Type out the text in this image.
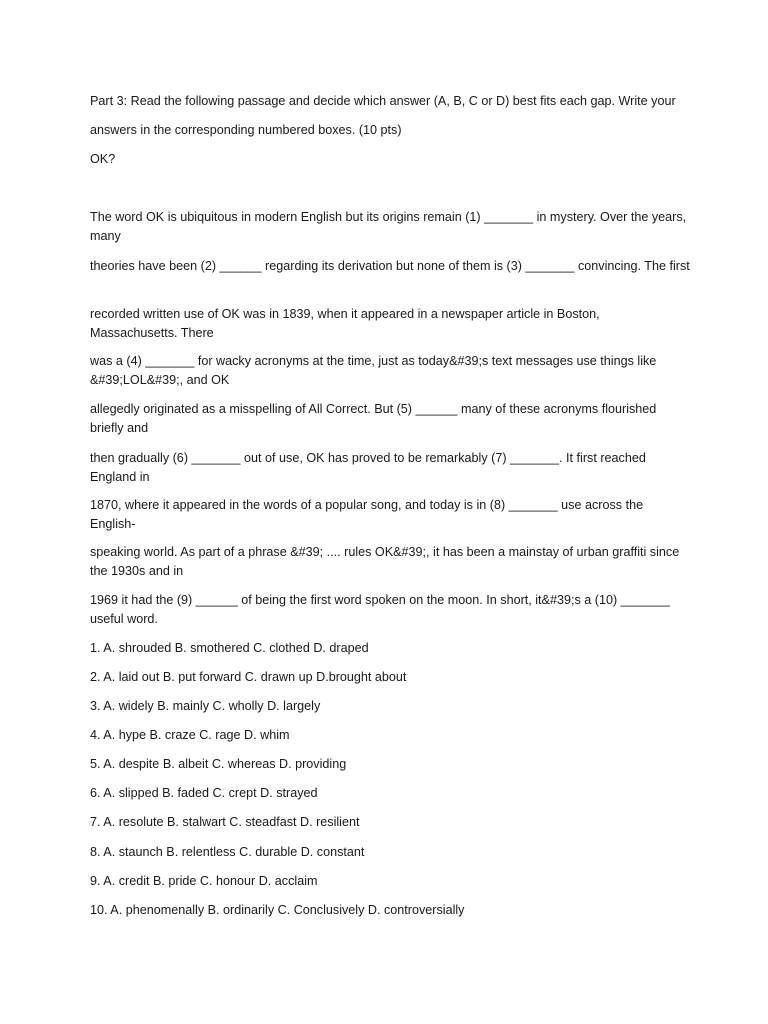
Part 3: Read the following passage and decide which answer (A, B, C or D) best fits each gap. Write your
answers in the corresponding numbered boxes. (10 pts)
OK?
The word OK is ubiquitous in modern English but its origins remain (1) _______ in mystery. Over the years, many
theories have been (2) ______ regarding its derivation but none of them is (3) _______ convincing. The first
recorded written use of OK was in 1839, when it appeared in a newspaper article in Boston, Massachusetts. There
was a (4) _______ for wacky acronyms at the time, just as today&#39;s text messages use things like &#39;LOL&#39;, and OK
allegedly originated as a misspelling of All Correct. But (5) ______ many of these acronyms flourished briefly and
then gradually (6) _______ out of use, OK has proved to be remarkably (7) _______. It first reached England in
1870, where it appeared in the words of a popular song, and today is in (8) _______ use across the English-
speaking world. As part of a phrase &#39; .... rules OK&#39;, it has been a mainstay of urban graffiti since the 1930s and in
1969 it had the (9) ______ of being the first word spoken on the moon. In short, it&#39;s a (10) _______ useful word.
1. A. shrouded B. smothered C. clothed D. draped
2. A. laid out B. put forward C. drawn up D.brought about
3. A. widely B. mainly C. wholly D. largely
4. A. hype B. craze C. rage D. whim
5. A. despite B. albeit C. whereas D. providing
6. A. slipped B. faded C. crept D. strayed
7. A. resolute B. stalwart C. steadfast D. resilient
8. A. staunch B. relentless C. durable D. constant
9. A. credit B. pride C. honour D. acclaim
10. A. phenomenally B. ordinarily C. Conclusively D. controversially
